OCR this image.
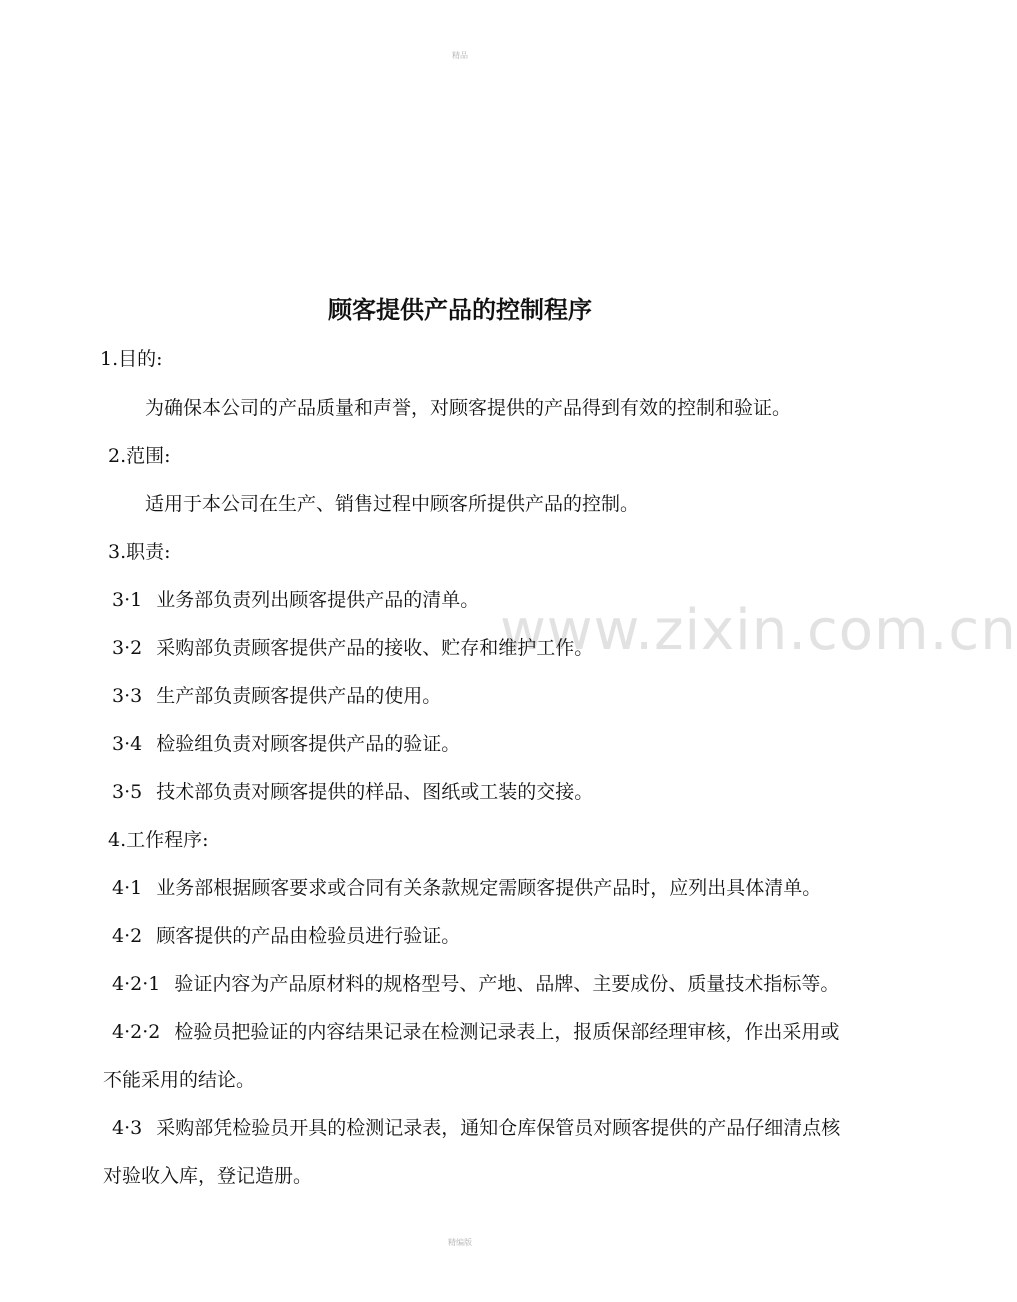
精品
www.zixin.com.cn
顾客提供产品的控制程序
1.目的:
为确保本公司的产品质量和声誉，对顾客提供的产品得到有效的控制和验证。
2.范围:
适用于本公司在生产、销售过程中顾客所提供产品的控制。
3.职责:
3·1 业务部负责列出顾客提供产品的清单。
3·2 采购部负责顾客提供产品的接收、贮存和维护工作。
3·3 生产部负责顾客提供产品的使用。
3·4 检验组负责对顾客提供产品的验证。
3·5 技术部负责对顾客提供的样品、图纸或工装的交接。
4.工作程序:
4·1 业务部根据顾客要求或合同有关条款规定需顾客提供产品时，应列出具体清单。
4·2 顾客提供的产品由检验员进行验证。
4·2·1 验证内容为产品原材料的规格型号、产地、品牌、主要成份、质量技术指标等。
4·2·2 检验员把验证的内容结果记录在检测记录表上，报质保部经理审核，作出采用或
不能采用的结论。
4·3 采购部凭检验员开具的检测记录表，通知仓库保管员对顾客提供的产品仔细清点核
对验收入库，登记造册。
精编版
